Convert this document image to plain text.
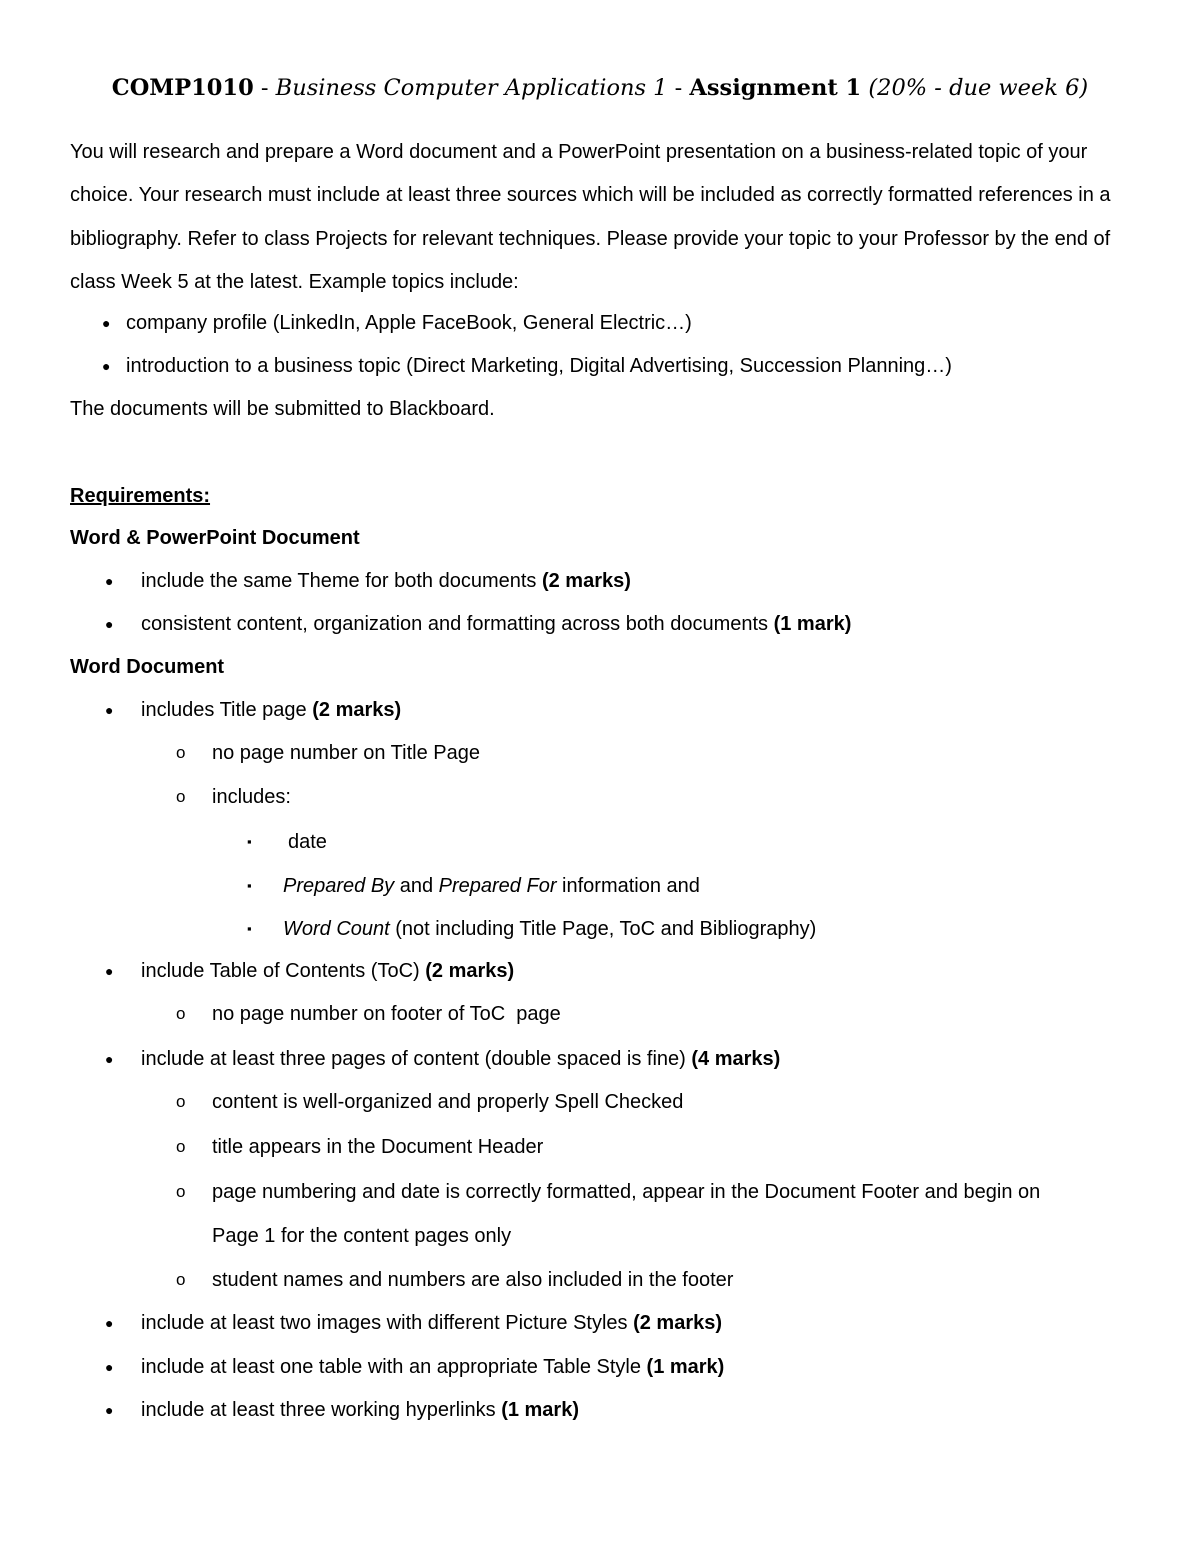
COMP1010 - Business Computer Applications 1 - Assignment 1 (20% - due week 6)

You will research and prepare a Word document and a PowerPoint presentation on a business-related topic of your choice. Your research must include at least three sources which will be included as correctly formatted references in a bibliography. Refer to class Projects for relevant techniques. Please provide your topic to your Professor by the end of class Week 5 at the latest. Example topics include:

● company profile (LinkedIn, Apple FaceBook, General Electric…)
● introduction to a business topic (Direct Marketing, Digital Advertising, Succession Planning…)
The documents will be submitted to Blackboard.
Requirements:
Word & PowerPoint Document
● include the same Theme for both documents (2 marks)
● consistent content, organization and formatting across both documents (1 mark)
Word Document
● includes Title page (2 marks)
o no page number on Title Page
o includes:
▪ date
▪ Prepared By and Prepared For information and
▪ Word Count (not including Title Page, ToC and Bibliography)
● include Table of Contents (ToC) (2 marks)
o no page number on footer of ToC  page
● include at least three pages of content (double spaced is fine) (4 marks)
o content is well-organized and properly Spell Checked
o title appears in the Document Header
o page numbering and date is correctly formatted, appear in the Document Footer and begin on
Page 1 for the content pages only
o student names and numbers are also included in the footer
● include at least two images with different Picture Styles (2 marks)
● include at least one table with an appropriate Table Style (1 mark)
● include at least three working hyperlinks (1 mark)
